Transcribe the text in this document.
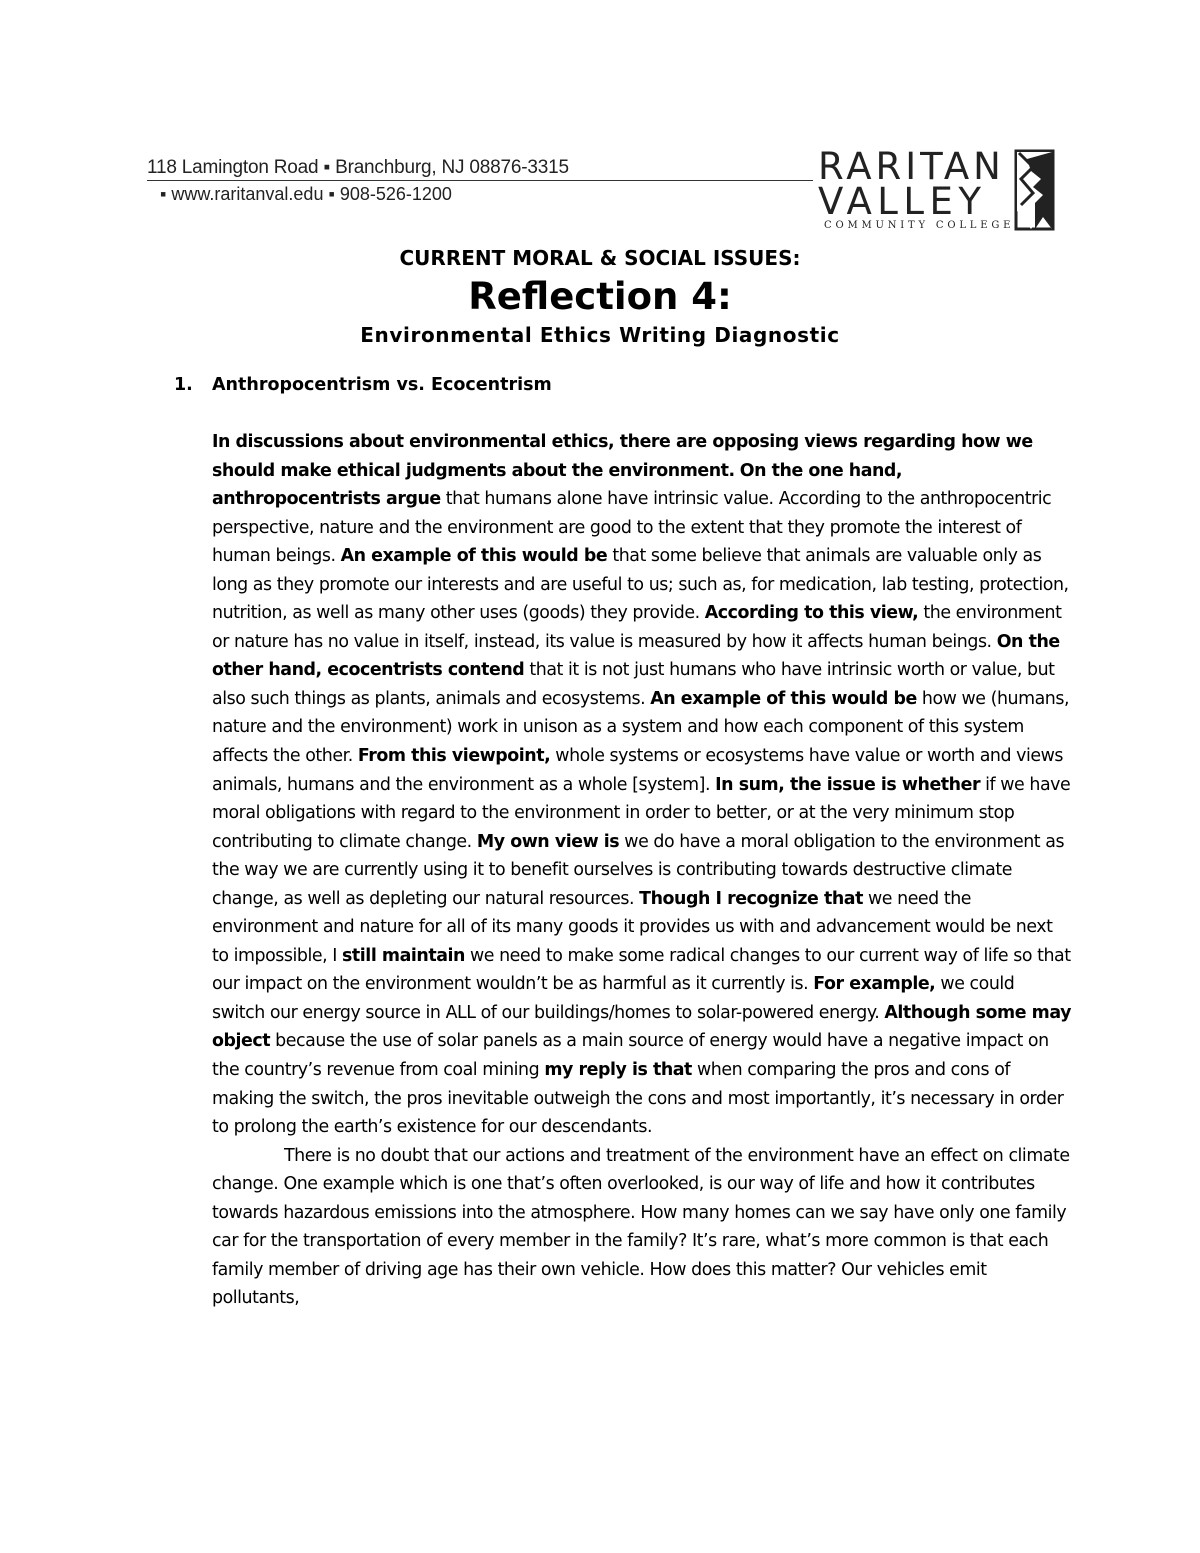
118 Lamington Road ▪ Branchburg, NJ 08876-3315
▪ www.raritanval.edu ▪ 908-526-1200
RARITAN
VALLEY
COMMUNITY COLLEGE
CURRENT MORAL & SOCIAL ISSUES:
Reflection 4:
Environmental Ethics Writing Diagnostic
1. Anthropocentrism vs. Ecocentrism

In discussions about environmental ethics, there are opposing views regarding how we should make ethical judgments about the environment. On the one hand, anthropocentrists argue that humans alone have intrinsic value. According to the anthropocentric perspective, nature and the environment are good to the extent that they promote the interest of human beings. An example of this would be that some believe that animals are valuable only as long as they promote our interests and are useful to us; such as, for medication, lab testing, protection, nutrition, as well as many other uses (goods) they provide. According to this view, the environment or nature has no value in itself, instead, its value is measured by how it affects human beings. On the other hand, ecocentrists contend that it is not just humans who have intrinsic worth or value, but also such things as plants, animals and ecosystems. An example of this would be how we (humans, nature and the environment) work in unison as a system and how each component of this system affects the other. From this viewpoint, whole systems or ecosystems have value or worth and views animals, humans and the environment as a whole [system]. In sum, the issue is whether if we have moral obligations with regard to the environment in order to better, or at the very minimum stop contributing to climate change. My own view is we do have a moral obligation to the environment as the way we are currently using it to benefit ourselves is contributing towards destructive climate change, as well as depleting our natural resources. Though I recognize that we need the environment and nature for all of its many goods it provides us with and advancement would be next to impossible, I still maintain we need to make some radical changes to our current way of life so that our impact on the environment wouldn’t be as harmful as it currently is. For example, we could switch our energy source in ALL of our buildings/homes to solar-powered energy. Although some may object because the use of solar panels as a main source of energy would have a negative impact on the country’s revenue from coal mining my reply is that when comparing the pros and cons of making the switch, the pros inevitable outweigh the cons and most importantly, it’s necessary in order to prolong the earth’s existence for our descendants.

There is no doubt that our actions and treatment of the environment have an effect on climate change. One example which is one that’s often overlooked, is our way of life and how it contributes towards hazardous emissions into the atmosphere. How many homes can we say have only one family car for the transportation of every member in the family? It’s rare, what’s more common is that each family member of driving age has their own vehicle. How does this matter? Our vehicles emit pollutants,
